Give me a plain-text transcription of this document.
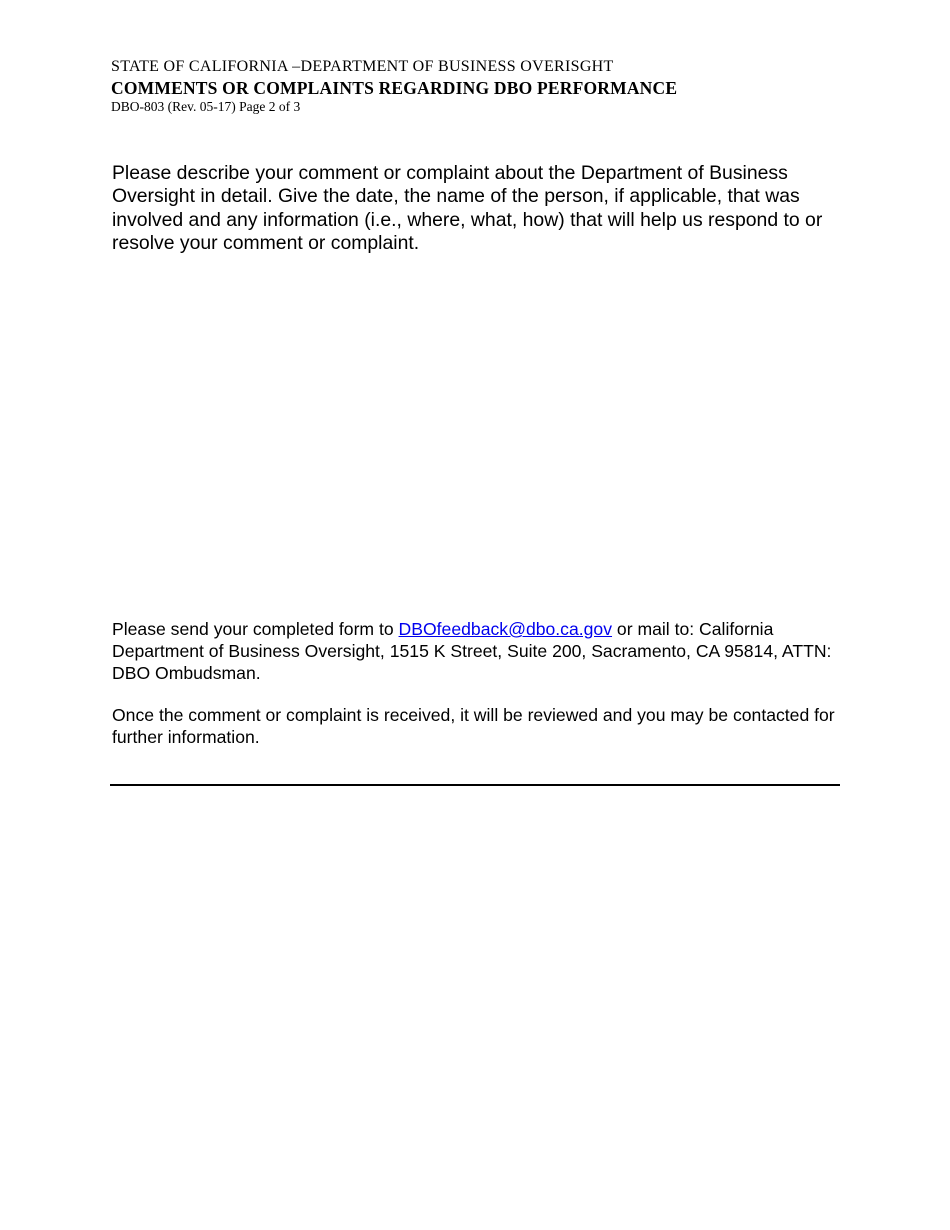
STATE OF CALIFORNIA –DEPARTMENT OF BUSINESS OVERISGHT
COMMENTS OR COMPLAINTS REGARDING DBO PERFORMANCE
DBO-803 (Rev. 05-17) Page 2 of 3
Please describe your comment or complaint about the Department of Business Oversight in detail. Give the date, the name of the person, if applicable, that was involved and any information (i.e., where, what, how) that will help us respond to or resolve your comment or complaint.
Please send your completed form to DBOfeedback@dbo.ca.gov or mail to: California Department of Business Oversight, 1515 K Street, Suite 200, Sacramento, CA 95814, ATTN: DBO Ombudsman.
Once the comment or complaint is received, it will be reviewed and you may be contacted for further information.
